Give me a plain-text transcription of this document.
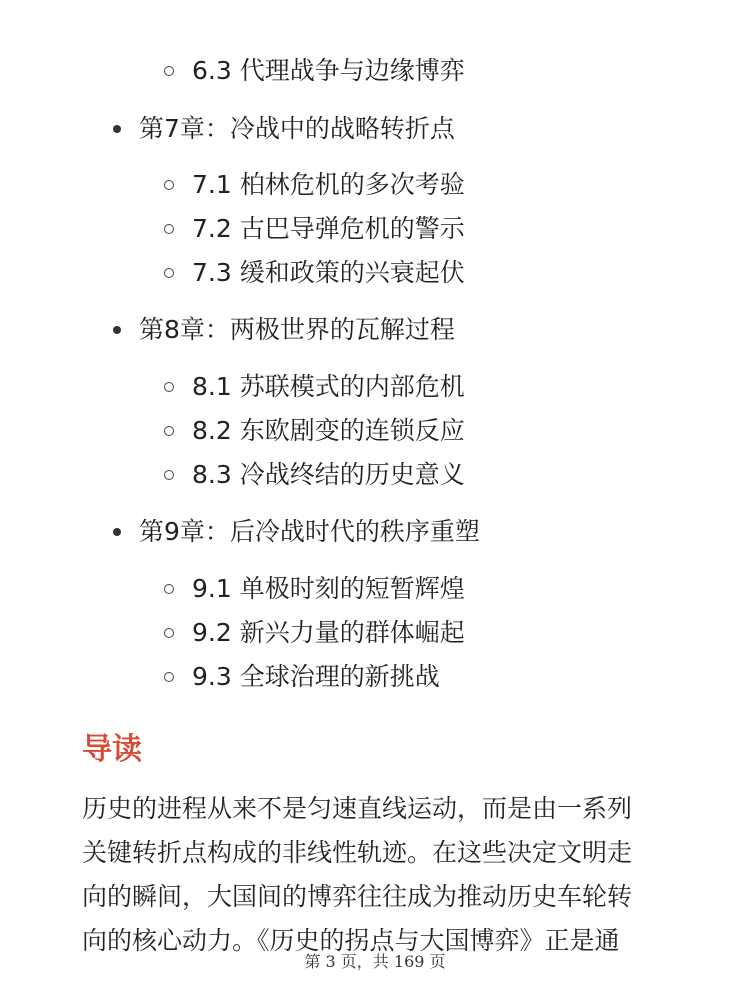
6.3 代理战争与边缘博弈
第7章：冷战中的战略转折点
7.1 柏林危机的多次考验
7.2 古巴导弹危机的警示
7.3 缓和政策的兴衰起伏
第8章：两极世界的瓦解过程
8.1 苏联模式的内部危机
8.2 东欧剧变的连锁反应
8.3 冷战终结的历史意义
第9章：后冷战时代的秩序重塑
9.1 单极时刻的短暂辉煌
9.2 新兴力量的群体崛起
9.3 全球治理的新挑战
导读

历史的进程从来不是匀速直线运动，而是由一系列
关键转折点构成的非线性轨迹。在这些决定文明走
向的瞬间，大国间的博弈往往成为推动历史车轮转
向的核心动力。《历史的拐点与大国博弈》正是通

第 3 页，共 169 页
